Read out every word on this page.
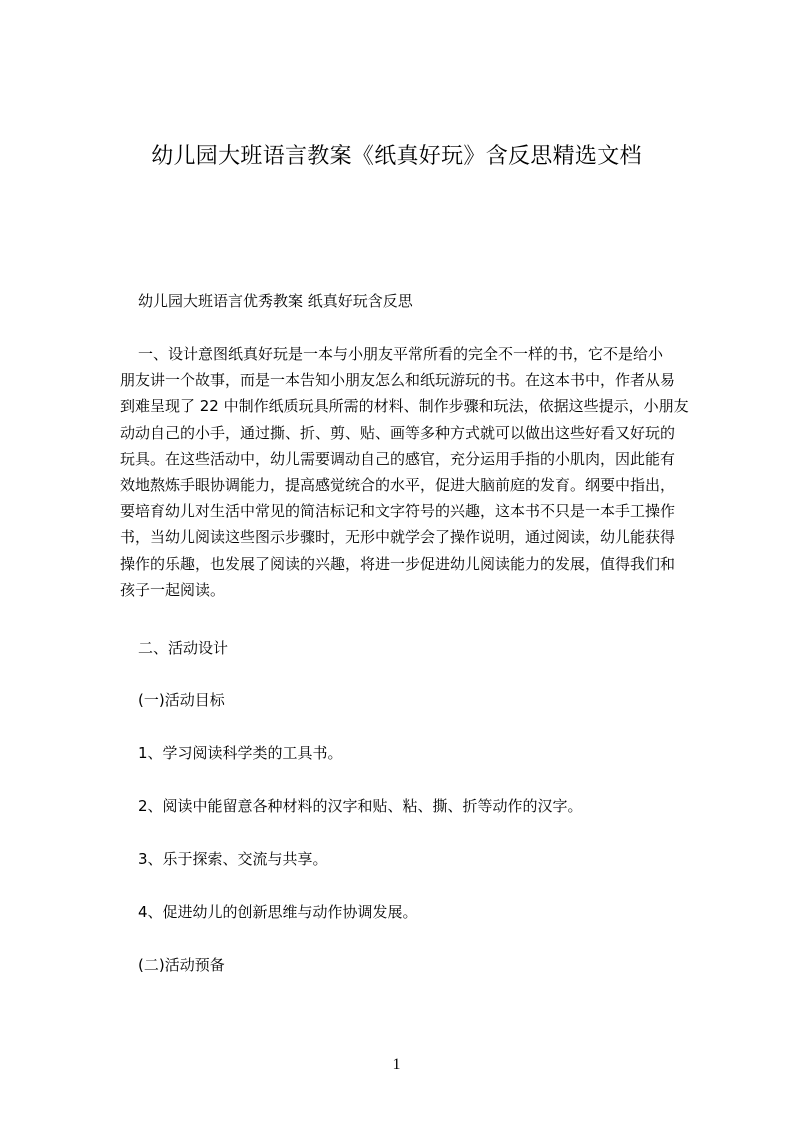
幼儿园大班语言教案《纸真好玩》含反思精选文档

幼儿园大班语言优秀教案 纸真好玩含反思

一、设计意图纸真好玩是一本与小朋友平常所看的完全不一样的书，它不是给小
朋友讲一个故事，而是一本告知小朋友怎么和纸玩游玩的书。在这本书中，作者从易
到难呈现了 22 中制作纸质玩具所需的材料、制作步骤和玩法，依据这些提示，小朋友
动动自己的小手，通过撕、折、剪、贴、画等多种方式就可以做出这些好看又好玩的
玩具。在这些活动中，幼儿需要调动自己的感官，充分运用手指的小肌肉，因此能有
效地熬炼手眼协调能力，提高感觉统合的水平，促进大脑前庭的发育。纲要中指出，
要培育幼儿对生活中常见的简洁标记和文字符号的兴趣，这本书不只是一本手工操作
书，当幼儿阅读这些图示步骤时，无形中就学会了操作说明，通过阅读，幼儿能获得
操作的乐趣，也发展了阅读的兴趣，将进一步促进幼儿阅读能力的发展，值得我们和
孩子一起阅读。

二、活动设计

(一)活动目标

1、学习阅读科学类的工具书。

2、阅读中能留意各种材料的汉字和贴、粘、撕、折等动作的汉字。

3、乐于探索、交流与共享。

4、促进幼儿的创新思维与动作协调发展。

(二)活动预备

1
